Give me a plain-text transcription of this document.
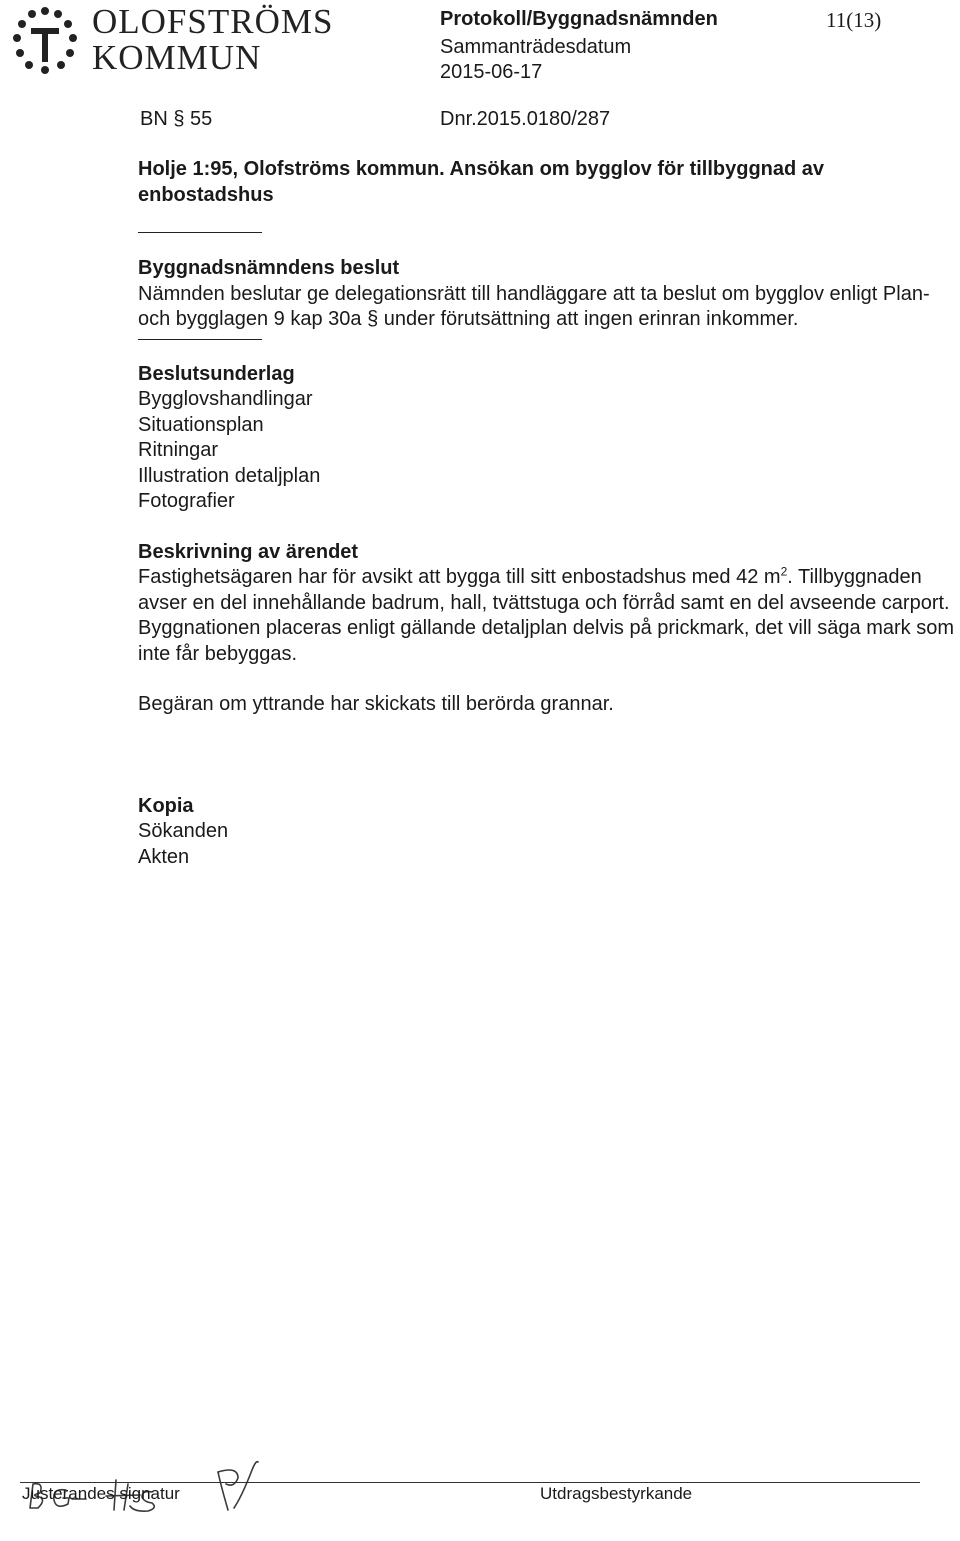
OLOFSTRÖMS
KOMMUN
Protokoll/Byggnadsnämnden
Sammanträdesdatum
2015-06-17
11(13)
BN § 55	Dnr.2015.0180/287

Holje 1:95, Olofströms kommun. Ansökan om bygglov för tillbyggnad av enbostadshus

Byggnadsnämndens beslut

Nämnden beslutar ge delegationsrätt till handläggare att ta beslut om bygglov enligt Plan- och bygglagen 9 kap 30a § under förutsättning att ingen erinran inkommer.

Beslutsunderlag

Bygglovshandlingar

Situationsplan

Ritningar

Illustration detaljplan

Fotografier

Beskrivning av ärendet

Fastighetsägaren har för avsikt att bygga till sitt enbostadshus med 42 $m^2$. Tillbyggnaden avser en del innehållande badrum, hall, tvättstuga och förråd samt en del avseende carport. Byggnationen placeras enligt gällande detaljplan delvis på prickmark, det vill säga mark som inte får bebyggas.

Begäran om yttrande har skickats till berörda grannar.

Kopia

Sökanden

Akten

Justerandes signatur	Utdragsbestyrkande
